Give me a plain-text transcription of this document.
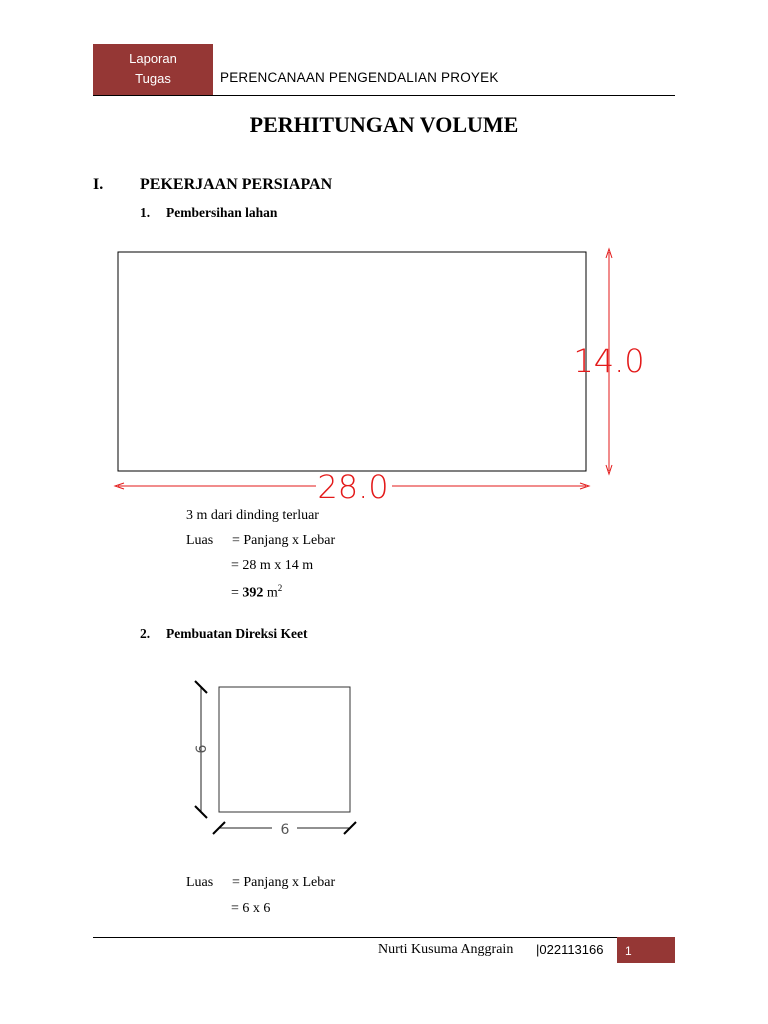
Laporan
Tugas	PERENCANAAN PENGENDALIAN PROYEK
PERHITUNGAN VOLUME
I. PEKERJAAN PERSIAPAN
1. Pembersihan lahan
14.0
28.0
6
6
3 m dari dinding terluar
Luas = Panjang x Lebar
= 28 m x 14 m
= 392 $m^2$
2. Pembuatan Direksi Keet
Luas = Panjang x Lebar
= 6 x 6
Nurti Kusuma Anggrain |022113166	1
